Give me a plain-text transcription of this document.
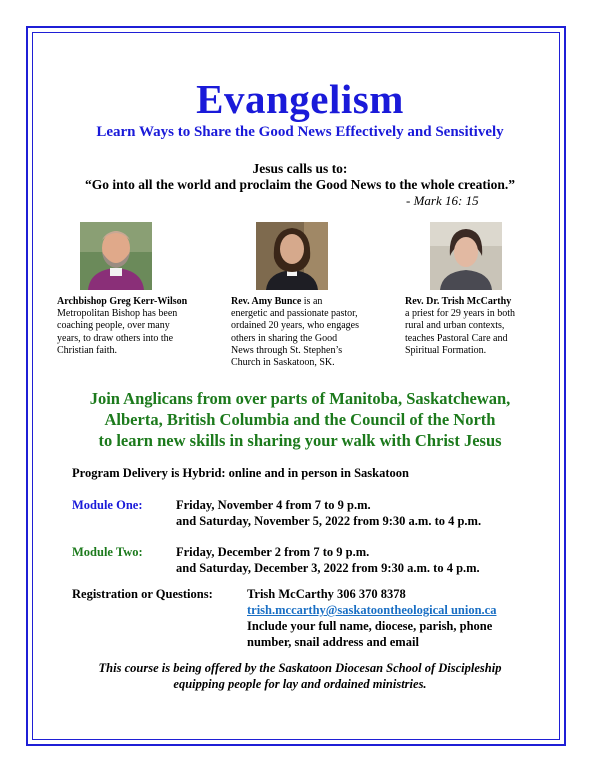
Evangelism
Learn Ways to Share the Good News Effectively and Sensitively
Jesus calls us to:
“Go into all the world and proclaim the Good News to the whole creation.”
- Mark 16: 15
Archbishop Greg Kerr-Wilson
Metropolitan Bishop has been
coaching people, over many
years, to draw others into the
Christian faith.
Rev. Amy Bunce is an
energetic and passionate pastor,
ordained 20 years, who engages
others in sharing the Good
News through St. Stephen’s
Church in Saskatoon, SK.
Rev. Dr. Trish McCarthy
a priest for 29 years in both
rural and urban contexts,
teaches Pastoral Care and
Spiritual Formation.
Join Anglicans from over parts of Manitoba, Saskatchewan,
Alberta, British Columbia and the Council of the North
to learn new skills in sharing your walk with Christ Jesus
Program Delivery is Hybrid: online and in person in Saskatoon
Module One:	Friday, November 4 from 7 to 9 p.m.
and Saturday, November 5, 2022 from 9:30 a.m. to 4 p.m.
Module Two:	Friday, December 2 from 7 to 9 p.m.
and Saturday, December 3, 2022 from 9:30 a.m. to 4 p.m.
Registration or Questions:	Trish McCarthy 306 370 8378
trish.mccarthy@saskatoontheological union.ca
Include your full name, diocese, parish, phone
number, snail address and email
This course is being offered by the Saskatoon Diocesan School of Discipleship
equipping people for lay and ordained ministries.
